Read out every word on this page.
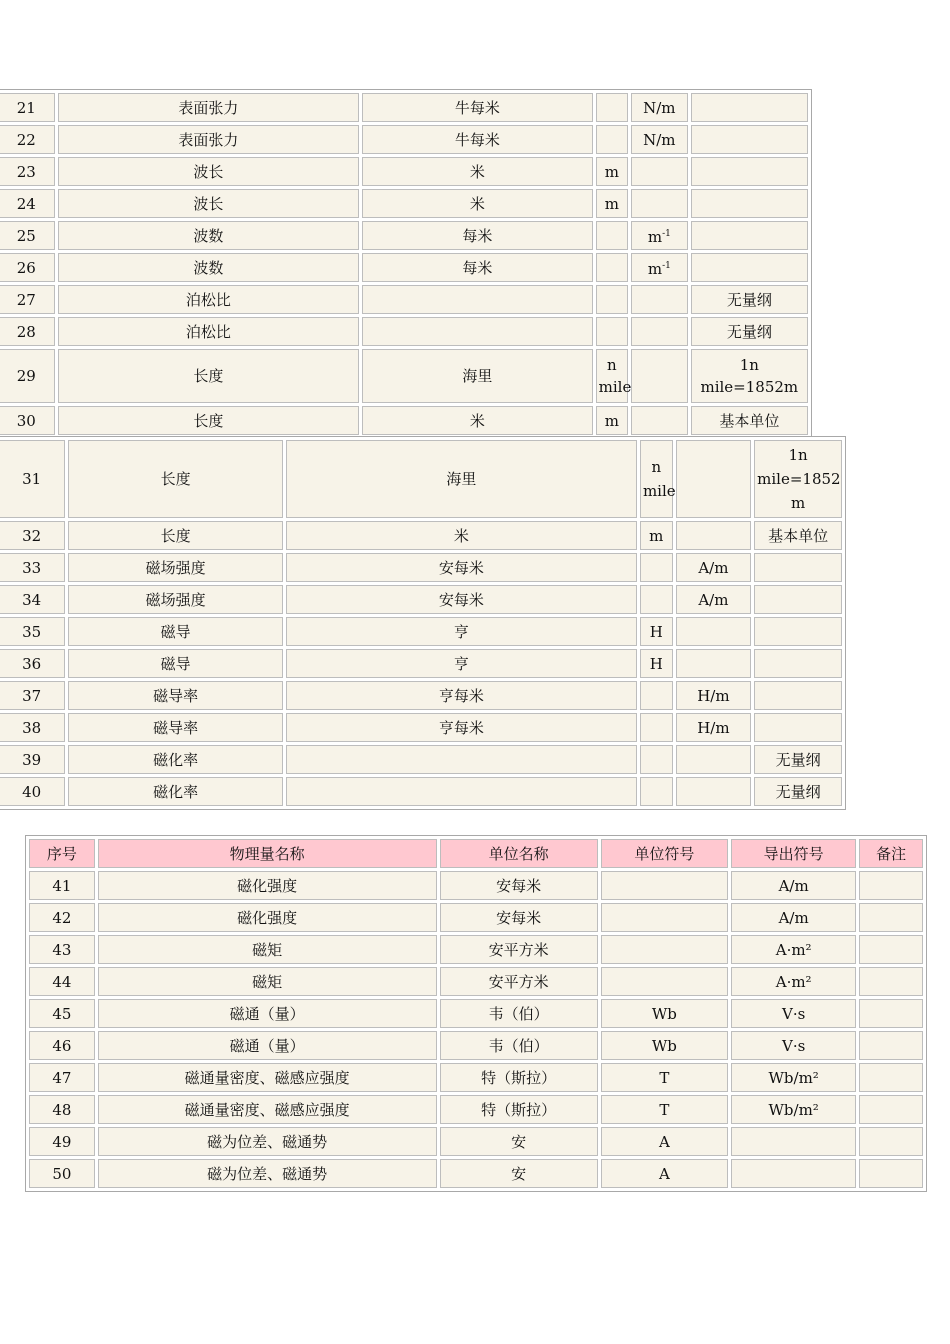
21	表面张力	牛每米		N/m	
22	表面张力	牛每米		N/m	
23	波长	米	m		
24	波长	米	m		
25	波数	每米		$m^{-1}$	
26	波数	每米		$m^{-1}$	
27	泊松比				无量纲
28	泊松比				无量纲
29	长度	海里	n mile		1n mile=1852m
30	长度	米	m		基本单位
31	长度	海里	n mile		1n mile=1852 m
32	长度	米	m		基本单位
33	磁场强度	安每米		A/m	
34	磁场强度	安每米		A/m	
35	磁导	亨	H		
36	磁导	亨	H		
37	磁导率	亨每米		H/m	
38	磁导率	亨每米		H/m	
39	磁化率				无量纲
40	磁化率				无量纲
序号	物理量名称	单位名称	单位符号	导出符号	备注
41	磁化强度	安每米		A/m	
42	磁化强度	安每米		A/m	
43	磁矩	安平方米		A·m²	
44	磁矩	安平方米		A·m²	
45	磁通（量）	韦（伯）	Wb	V·s	
46	磁通（量）	韦（伯）	Wb	V·s	
47	磁通量密度、磁感应强度	特（斯拉）	T	Wb/m²	
48	磁通量密度、磁感应强度	特（斯拉）	T	Wb/m²	
49	磁为位差、磁通势	安	A		
50	磁为位差、磁通势	安	A		
